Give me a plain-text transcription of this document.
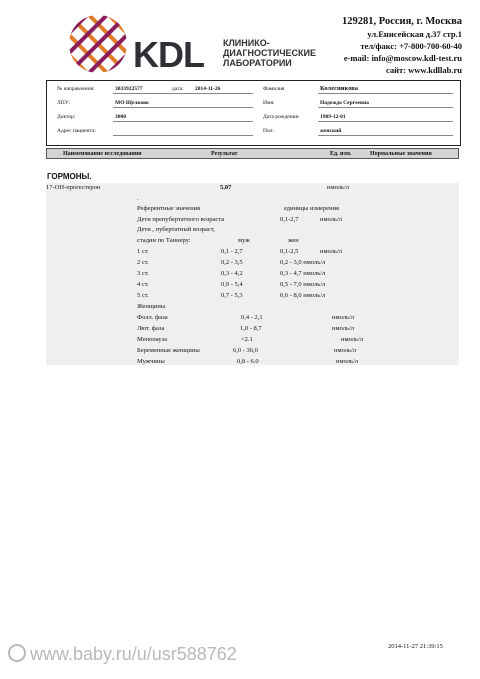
KDL КЛИНИКО-
ДИАГНОСТИЧЕСКИЕ
ЛАБОРАТОРИИ
129281, Россия, г. Москва
ул.Енисейская д.37 стр.1
тел/факс: +7-800-700-60-40
e-mail: info@moscow.kdl-test.ru
сайт: www.kdllab.ru
№ направления:	3033922577	дата: 2014-11-26
ЛПУ:	МО Щелково
Доктор:	3000
Адрес пациента:
Фамилия	Колесникова
Имя:	Надежда Сергеевна
Дата рождения:	1989-12-01
Пол:	женский
Наименование исследования	Результат	Ед. изм.	Нормальные значения
ГОРМОНЫ.
17-ОН-прогестерон	5,07	нмоль/л
.
Референтные значения	единицы измерения
Дети препубертатного возраста	0,1-2,7	нмоль/л
Дети , пубертатный возраст,
стадии по Таннеру:	муж	жен
1 ст.	0,1 - 2,7	0,1-2,5	нмоль/л
2 ст.	0,2 - 3,5	0,2 - 3,0 нмоль/л
3 ст.	0,3 - 4,2	0,3 - 4,7 нмоль/л
4 ст.	0,9 - 5,4	0,5 - 7,0 нмоль/л
5 ст.	0,7 - 5,3	0,6 - 8,0 нмоль/л
Женщины
Фолл. фаза	0,4 - 2,1	нмоль/л
Лют. фаза	1,0 - 8,7	нмоль/л
Менопауза	<2.1	нмоль/л
Беременные женщины	6,0 - 36,0	нмоль/л
Мужчины	0,8 - 6.0	нмоль/л
2014-11-27 21:39:15
www.baby.ru/u/usr588762
